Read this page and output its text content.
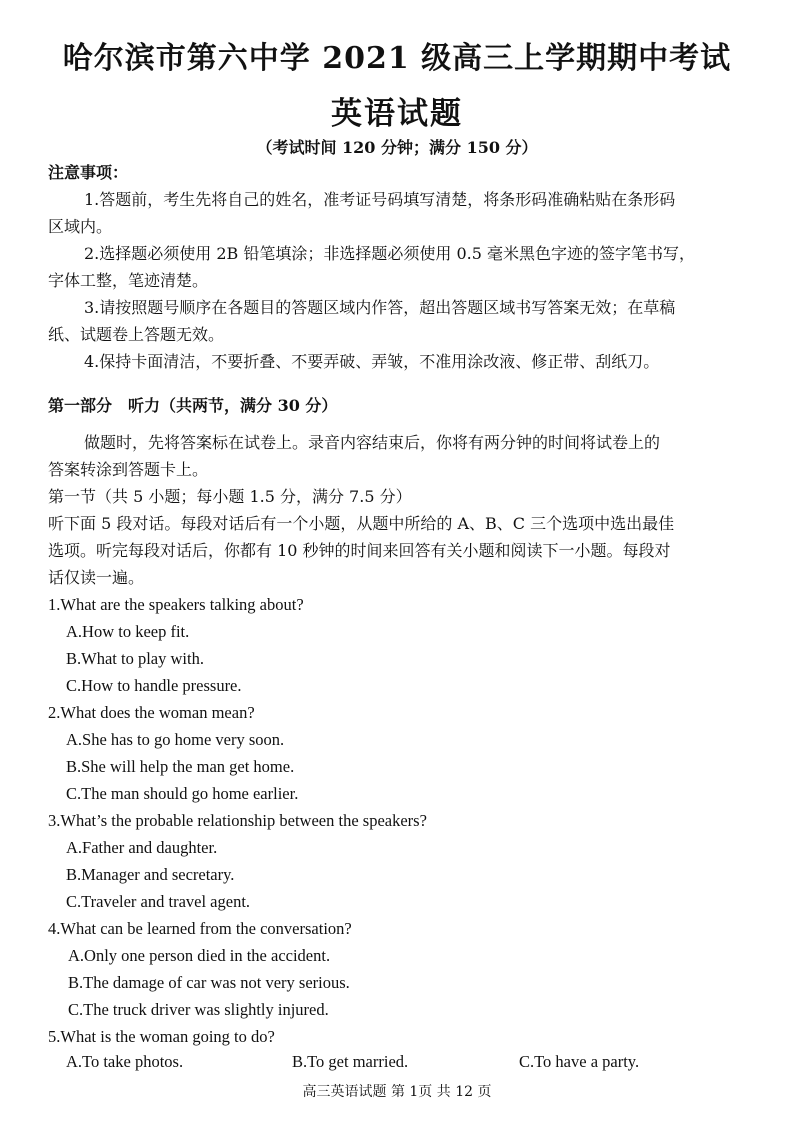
哈尔滨市第六中学 2021 级高三上学期期中考试
英语试题
（考试时间 120 分钟；满分 150 分）
注意事项：
1.答题前，考生先将自己的姓名，准考证号码填写清楚，将条形码准确粘贴在条形码
区域内。
2.选择题必须使用 2B 铅笔填涂；非选择题必须使用 0.5 毫米黑色字迹的签字笔书写，
字体工整，笔迹清楚。
3.请按照题号顺序在各题目的答题区域内作答，超出答题区域书写答案无效；在草稿
纸、试题卷上答题无效。
4.保持卡面清洁，不要折叠、不要弄破、弄皱，不准用涂改液、修正带、刮纸刀。
第一部分　听力（共两节，满分 30 分）
做题时，先将答案标在试卷上。录音内容结束后，你将有两分钟的时间将试卷上的
答案转涂到答题卡上。
第一节（共 5 小题；每小题 1.5 分，满分 7.5 分）
听下面 5 段对话。每段对话后有一个小题，从题中所给的 A、B、C 三个选项中选出最佳
选项。听完每段对话后，你都有 10 秒钟的时间来回答有关小题和阅读下一小题。每段对
话仅读一遍。
1.What are the speakers talking about?
A.How to keep fit.
B.What to play with.
C.How to handle pressure.
2.What does the woman mean?
A.She has to go home very soon.
B.She will help the man get home.
C.The man should go home earlier.
3.What’s the probable relationship between the speakers?
A.Father and daughter.
B.Manager and secretary.
C.Traveler and travel agent.
4.What can be learned from the conversation?
A.Only one person died in the accident.
B.The damage of car was not very serious.
C.The truck driver was slightly injured.
5.What is the woman going to do?
A.To take photos.	B.To get married.	C.To have a party.
高三英语试题 第 1页 共 12 页
